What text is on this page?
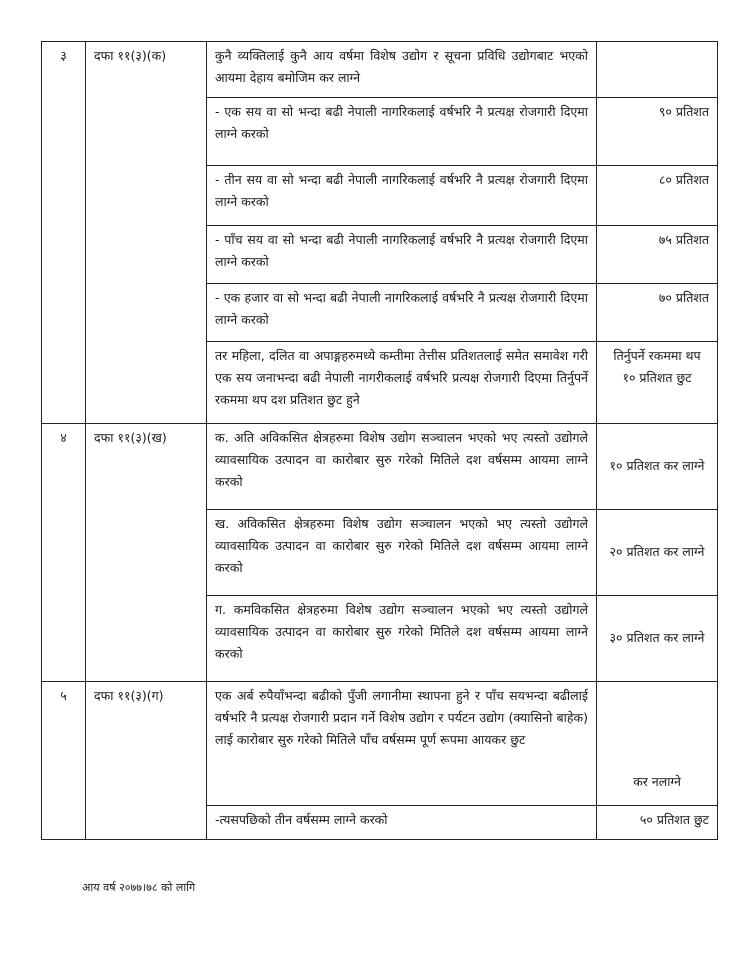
३	दफा ११(३)(क)	कुनै व्यक्तिलाई कुनै आय वर्षमा विशेष उद्योग र सूचना प्रविधि उद्योगबाट भएको आयमा देहाय बमोजिम कर लाग्ने	
		- एक सय वा सो भन्दा बढी नेपाली नागरिकलाई वर्षभरि नै प्रत्यक्ष रोजगारी दिएमा लाग्ने करको	९० प्रतिशत
		- तीन सय वा सो भन्दा बढी नेपाली नागरिकलाई वर्षभरि नै प्रत्यक्ष रोजगारी दिएमा लाग्ने करको	८० प्रतिशत
		- पाँच सय वा सो भन्दा बढी नेपाली नागरिकलाई वर्षभरि नै प्रत्यक्ष रोजगारी दिएमा लाग्ने करको	७५ प्रतिशत
		- एक हजार वा सो भन्दा बढी नेपाली नागरिकलाई वर्षभरि नै प्रत्यक्ष रोजगारी दिएमा लाग्ने करको	७० प्रतिशत
		तर महिला, दलित वा अपाङ्गहरुमध्ये कम्तीमा तेत्तीस प्रतिशतलाई समेत समावेश गरी एक सय जनाभन्दा बढी नेपाली नागरीकलाई वर्षभरि प्रत्यक्ष रोजगारी दिएमा तिर्नुपर्ने रकममा थप दश प्रतिशत छुट हुने	तिर्नुपर्ने रकममा थप १० प्रतिशत छुट
४	दफा ११(३)(ख)	क. अति अविकसित क्षेत्रहरुमा विशेष उद्योग सञ्चालन भएको भए त्यस्तो उद्योगले व्यावसायिक उत्पादन वा कारोबार सुरु गरेको मितिले दश वर्षसम्म आयमा लाग्ने करको	१० प्रतिशत कर लाग्ने
		ख. अविकसित क्षेत्रहरुमा विशेष उद्योग सञ्चालन भएको भए त्यस्तो उद्योगले व्यावसायिक उत्पादन वा कारोबार सुरु गरेको मितिले दश वर्षसम्म आयमा लाग्ने करको	२० प्रतिशत कर लाग्ने
		ग. कमविकसित क्षेत्रहरुमा विशेष उद्योग सञ्चालन भएको भए त्यस्तो उद्योगले व्यावसायिक उत्पादन वा कारोबार सुरु गरेको मितिले दश वर्षसम्म आयमा लाग्ने करको	३० प्रतिशत कर लाग्ने
५	दफा ११(३)(ग)	एक अर्ब रुपैयाँभन्दा बढीको पुँजी लगानीमा स्थापना हुने र पाँच सयभन्दा बढीलाई वर्षभरि नै प्रत्यक्ष रोजगारी प्रदान गर्ने विशेष उद्योग र पर्यटन उद्योग (क्यासिनो बाहेक) लाई कारोबार सुरु गरेको मितिले पाँच वर्षसम्म पूर्ण रूपमा आयकर छुट	कर नलाग्ने
		-त्यसपछिको तीन वर्षसम्म लाग्ने करको	५० प्रतिशत छुट
आय वर्ष २०७७।७८ को लागि
